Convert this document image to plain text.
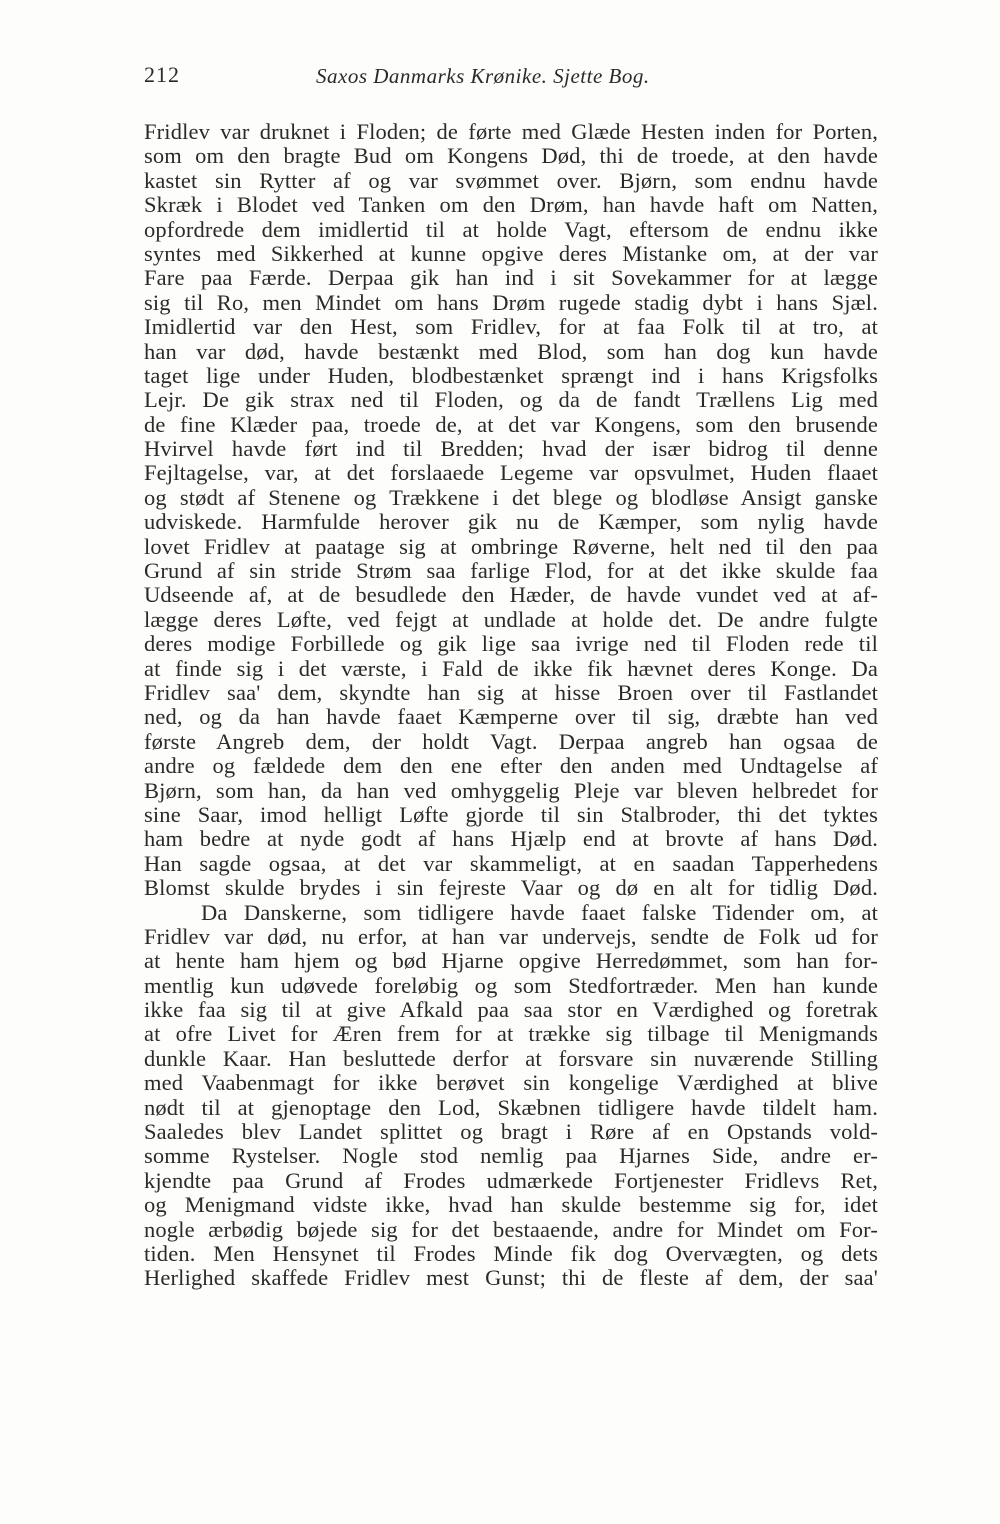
212	Saxos Danmarks Krønike. Sjette Bog.
Fridlev var druknet i Floden; de førte med Glæde Hesten inden for Porten,
som om den bragte Bud om Kongens Død, thi de troede, at den havde
kastet sin Rytter af og var svømmet over. Bjørn, som endnu havde
Skræk i Blodet ved Tanken om den Drøm, han havde haft om Natten,
opfordrede dem imidlertid til at holde Vagt, eftersom de endnu ikke
syntes med Sikkerhed at kunne opgive deres Mistanke om, at der var
Fare paa Færde. Derpaa gik han ind i sit Sovekammer for at lægge
sig til Ro, men Mindet om hans Drøm rugede stadig dybt i hans Sjæl.
Imidlertid var den Hest, som Fridlev, for at faa Folk til at tro, at
han var død, havde bestænkt med Blod, som han dog kun havde
taget lige under Huden, blodbestænket sprængt ind i hans Krigsfolks
Lejr. De gik strax ned til Floden, og da de fandt Trællens Lig med
de fine Klæder paa, troede de, at det var Kongens, som den brusende
Hvirvel havde ført ind til Bredden; hvad der især bidrog til denne
Fejltagelse, var, at det forslaaede Legeme var opsvulmet, Huden flaaet
og stødt af Stenene og Trækkene i det blege og blodløse Ansigt ganske
udviskede. Harmfulde herover gik nu de Kæmper, som nylig havde
lovet Fridlev at paatage sig at ombringe Røverne, helt ned til den paa
Grund af sin stride Strøm saa farlige Flod, for at det ikke skulde faa
Udseende af, at de besudlede den Hæder, de havde vundet ved at af-
lægge deres Løfte, ved fejgt at undlade at holde det. De andre fulgte
deres modige Forbillede og gik lige saa ivrige ned til Floden rede til
at finde sig i det værste, i Fald de ikke fik hævnet deres Konge. Da
Fridlev saa' dem, skyndte han sig at hisse Broen over til Fastlandet
ned, og da han havde faaet Kæmperne over til sig, dræbte han ved
første Angreb dem, der holdt Vagt. Derpaa angreb han ogsaa de
andre og fældede dem den ene efter den anden med Undtagelse af
Bjørn, som han, da han ved omhyggelig Pleje var bleven helbredet for
sine Saar, imod helligt Løfte gjorde til sin Stalbroder, thi det tyktes
ham bedre at nyde godt af hans Hjælp end at brovte af hans Død.
Han sagde ogsaa, at det var skammeligt, at en saadan Tapperhedens
Blomst skulde brydes i sin fejreste Vaar og dø en alt for tidlig Død.
Da Danskerne, som tidligere havde faaet falske Tidender om, at
Fridlev var død, nu erfor, at han var undervejs, sendte de Folk ud for
at hente ham hjem og bød Hjarne opgive Herredømmet, som han for-
mentlig kun udøvede foreløbig og som Stedfortræder. Men han kunde
ikke faa sig til at give Afkald paa saa stor en Værdighed og foretrak
at ofre Livet for Æren frem for at trække sig tilbage til Menigmands
dunkle Kaar. Han besluttede derfor at forsvare sin nuværende Stilling
med Vaabenmagt for ikke berøvet sin kongelige Værdighed at blive
nødt til at gjenoptage den Lod, Skæbnen tidligere havde tildelt ham.
Saaledes blev Landet splittet og bragt i Røre af en Opstands vold-
somme Rystelser. Nogle stod nemlig paa Hjarnes Side, andre er-
kjendte paa Grund af Frodes udmærkede Fortjenester Fridlevs Ret,
og Menigmand vidste ikke, hvad han skulde bestemme sig for, idet
nogle ærbødig bøjede sig for det bestaaende, andre for Mindet om For-
tiden. Men Hensynet til Frodes Minde fik dog Overvægten, og dets
Herlighed skaffede Fridlev mest Gunst; thi de fleste af dem, der saa'
